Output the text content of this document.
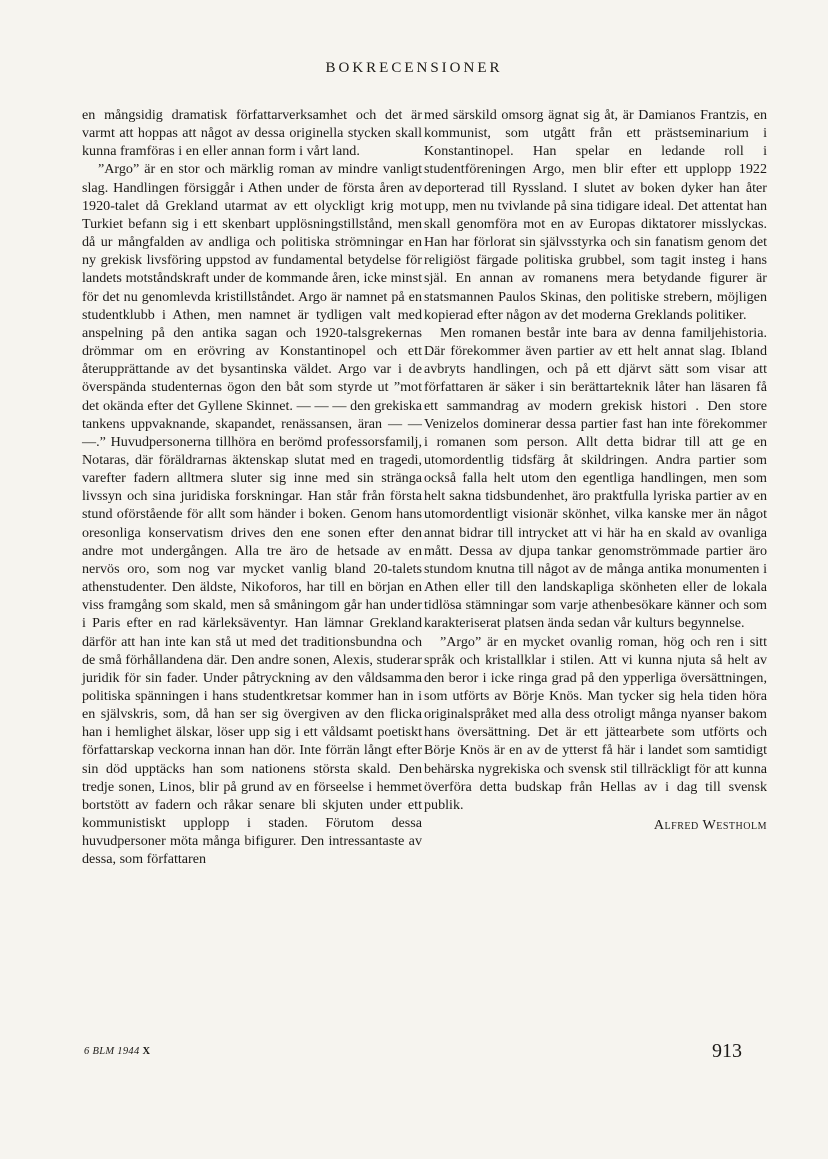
BOKRECENSIONER

en mångsidig dramatisk författarverksamhet och det är varmt att hoppas att något av dessa originella stycken skall kunna framföras i en eller annan form i vårt land.

”Argo” är en stor och märklig roman av mindre vanligt slag. Handlingen försiggår i Athen under de första åren av 1920-talet då Grekland utarmat av ett olyckligt krig mot Turkiet befann sig i ett skenbart upplösningstillstånd, men då ur mångfalden av andliga och politiska strömningar en ny grekisk livsföring uppstod av fundamental betydelse för landets motståndskraft under de kommande åren, icke minst för det nu genomlevda kristillståndet. Argo är namnet på en studentklubb i Athen, men namnet är tydligen valt med anspelning på den antika sagan och 1920-talsgrekernas drömmar om en erövring av Konstantinopel och ett återupprättande av det bysantinska väldet. Argo var i de överspända studenternas ögon den båt som styrde ut ”mot det okända efter det Gyllene Skinnet. — — — den grekiska tankens uppvaknande, skapandet, renässansen, äran — — —.” Huvudpersonerna tillhöra en berömd professorsfamilj, Notaras, där föräldrarnas äktenskap slutat med en tragedi, varefter fadern alltmera sluter sig inne med sin stränga livssyn och sina juridiska forskningar. Han står från första stund oförstående för allt som händer i boken. Genom hans oresonliga konservatism drives den ene sonen efter den andre mot undergången. Alla tre äro de hetsade av en nervös oro, som nog var mycket vanlig bland 20-talets athenstudenter. Den äldste, Nikoforos, har till en början en viss framgång som skald, men så småningom går han under i Paris efter en rad kärleksäventyr. Han lämnar Grekland därför att han inte kan stå ut med det traditionsbundna och de små förhållandena där. Den andre sonen, Alexis, studerar juridik för sin fader. Under påtryckning av den våldsamma politiska spänningen i hans studentkretsar kommer han in i en självskris, som, då han ser sig övergiven av den flicka han i hemlighet älskar, löser upp sig i ett våldsamt poetiskt författarskap veckorna innan han dör. Inte förrän långt efter sin död upptäcks han som nationens största skald. Den tredje sonen, Linos, blir på grund av en förseelse i hemmet bortstött av fadern och råkar senare bli skjuten under ett kommunistiskt upplopp i staden. Förutom dessa huvudpersoner möta många bifigurer. Den intressantaste av dessa, som författaren

med särskild omsorg ägnat sig åt, är Damianos Frantzis, en kommunist, som utgått från ett prästseminarium i Konstantinopel. Han spelar en ledande roll i studentföreningen Argo, men blir efter ett upplopp 1922 deporterad till Ryssland. I slutet av boken dyker han åter upp, men nu tvivlande på sina tidigare ideal. Det attentat han skall genomföra mot en av Europas diktatorer misslyckas. Han har förlorat sin självsstyrka och sin fanatism genom det religiöst färgade politiska grubbel, som tagit insteg i hans själ. En annan av romanens mera betydande figurer är statsmannen Paulos Skinas, den politiske strebern, möjligen kopierad efter någon av det moderna Greklands politiker.

Men romanen består inte bara av denna familjehistoria. Där förekommer även partier av ett helt annat slag. Ibland avbryts handlingen, och på ett djärvt sätt som visar att författaren är säker i sin berättarteknik låter han läsaren få ett sammandrag av modern grekisk histori . Den store Venizelos dominerar dessa partier fast han inte förekommer i romanen som person. Allt detta bidrar till att ge en utomordentlig tidsfärg åt skildringen. Andra partier som också falla helt utom den egentliga handlingen, men som helt sakna tidsbundenhet, äro praktfulla lyriska partier av en utomordentligt visionär skönhet, vilka kanske mer än något annat bidrar till intrycket att vi här ha en skald av ovanliga mått. Dessa av djupa tankar genomströmmade partier äro stundom knutna till något av de många antika monumenten i Athen eller till den landskapliga skönheten eller de lokala tidlösa stämningar som varje athenbesökare känner och som karakteriserat platsen ända sedan vår kulturs begynnelse.

”Argo” är en mycket ovanlig roman, hög och ren i sitt språk och kristallklar i stilen. Att vi kunna njuta så helt av den beror i icke ringa grad på den ypperliga översättningen, som utförts av Börje Knös. Man tycker sig hela tiden höra originalspråket med alla dess otroligt många nyanser bakom hans översättning. Det är ett jättearbete som utförts och Börje Knös är en av de ytterst få här i landet som samtidigt behärska nygrekiska och svensk stil tillräckligt för att kunna överföra detta budskap från Hellas av i dag till svensk publik.

Alfred Westholm
6 BLM 1944 X	913
